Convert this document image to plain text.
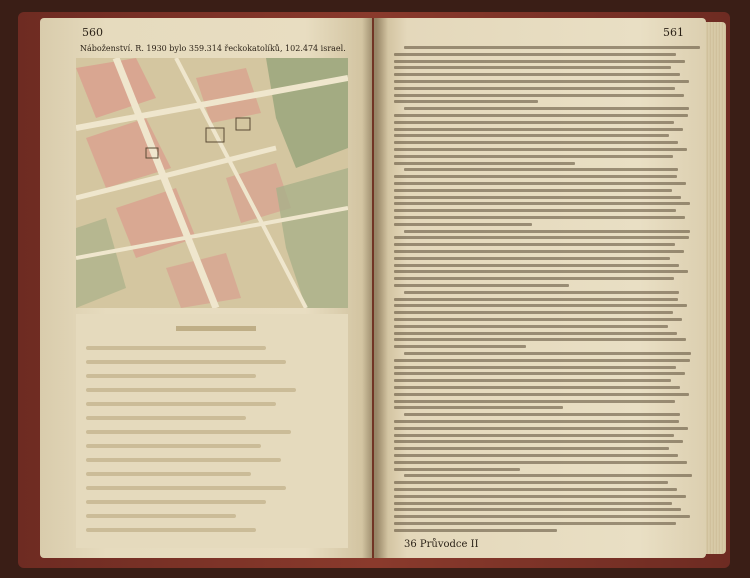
560
Náboženství. R. 1930 bylo 359.314 řeckokatolíků, 102.474 israel.
561
36 Průvodce II
